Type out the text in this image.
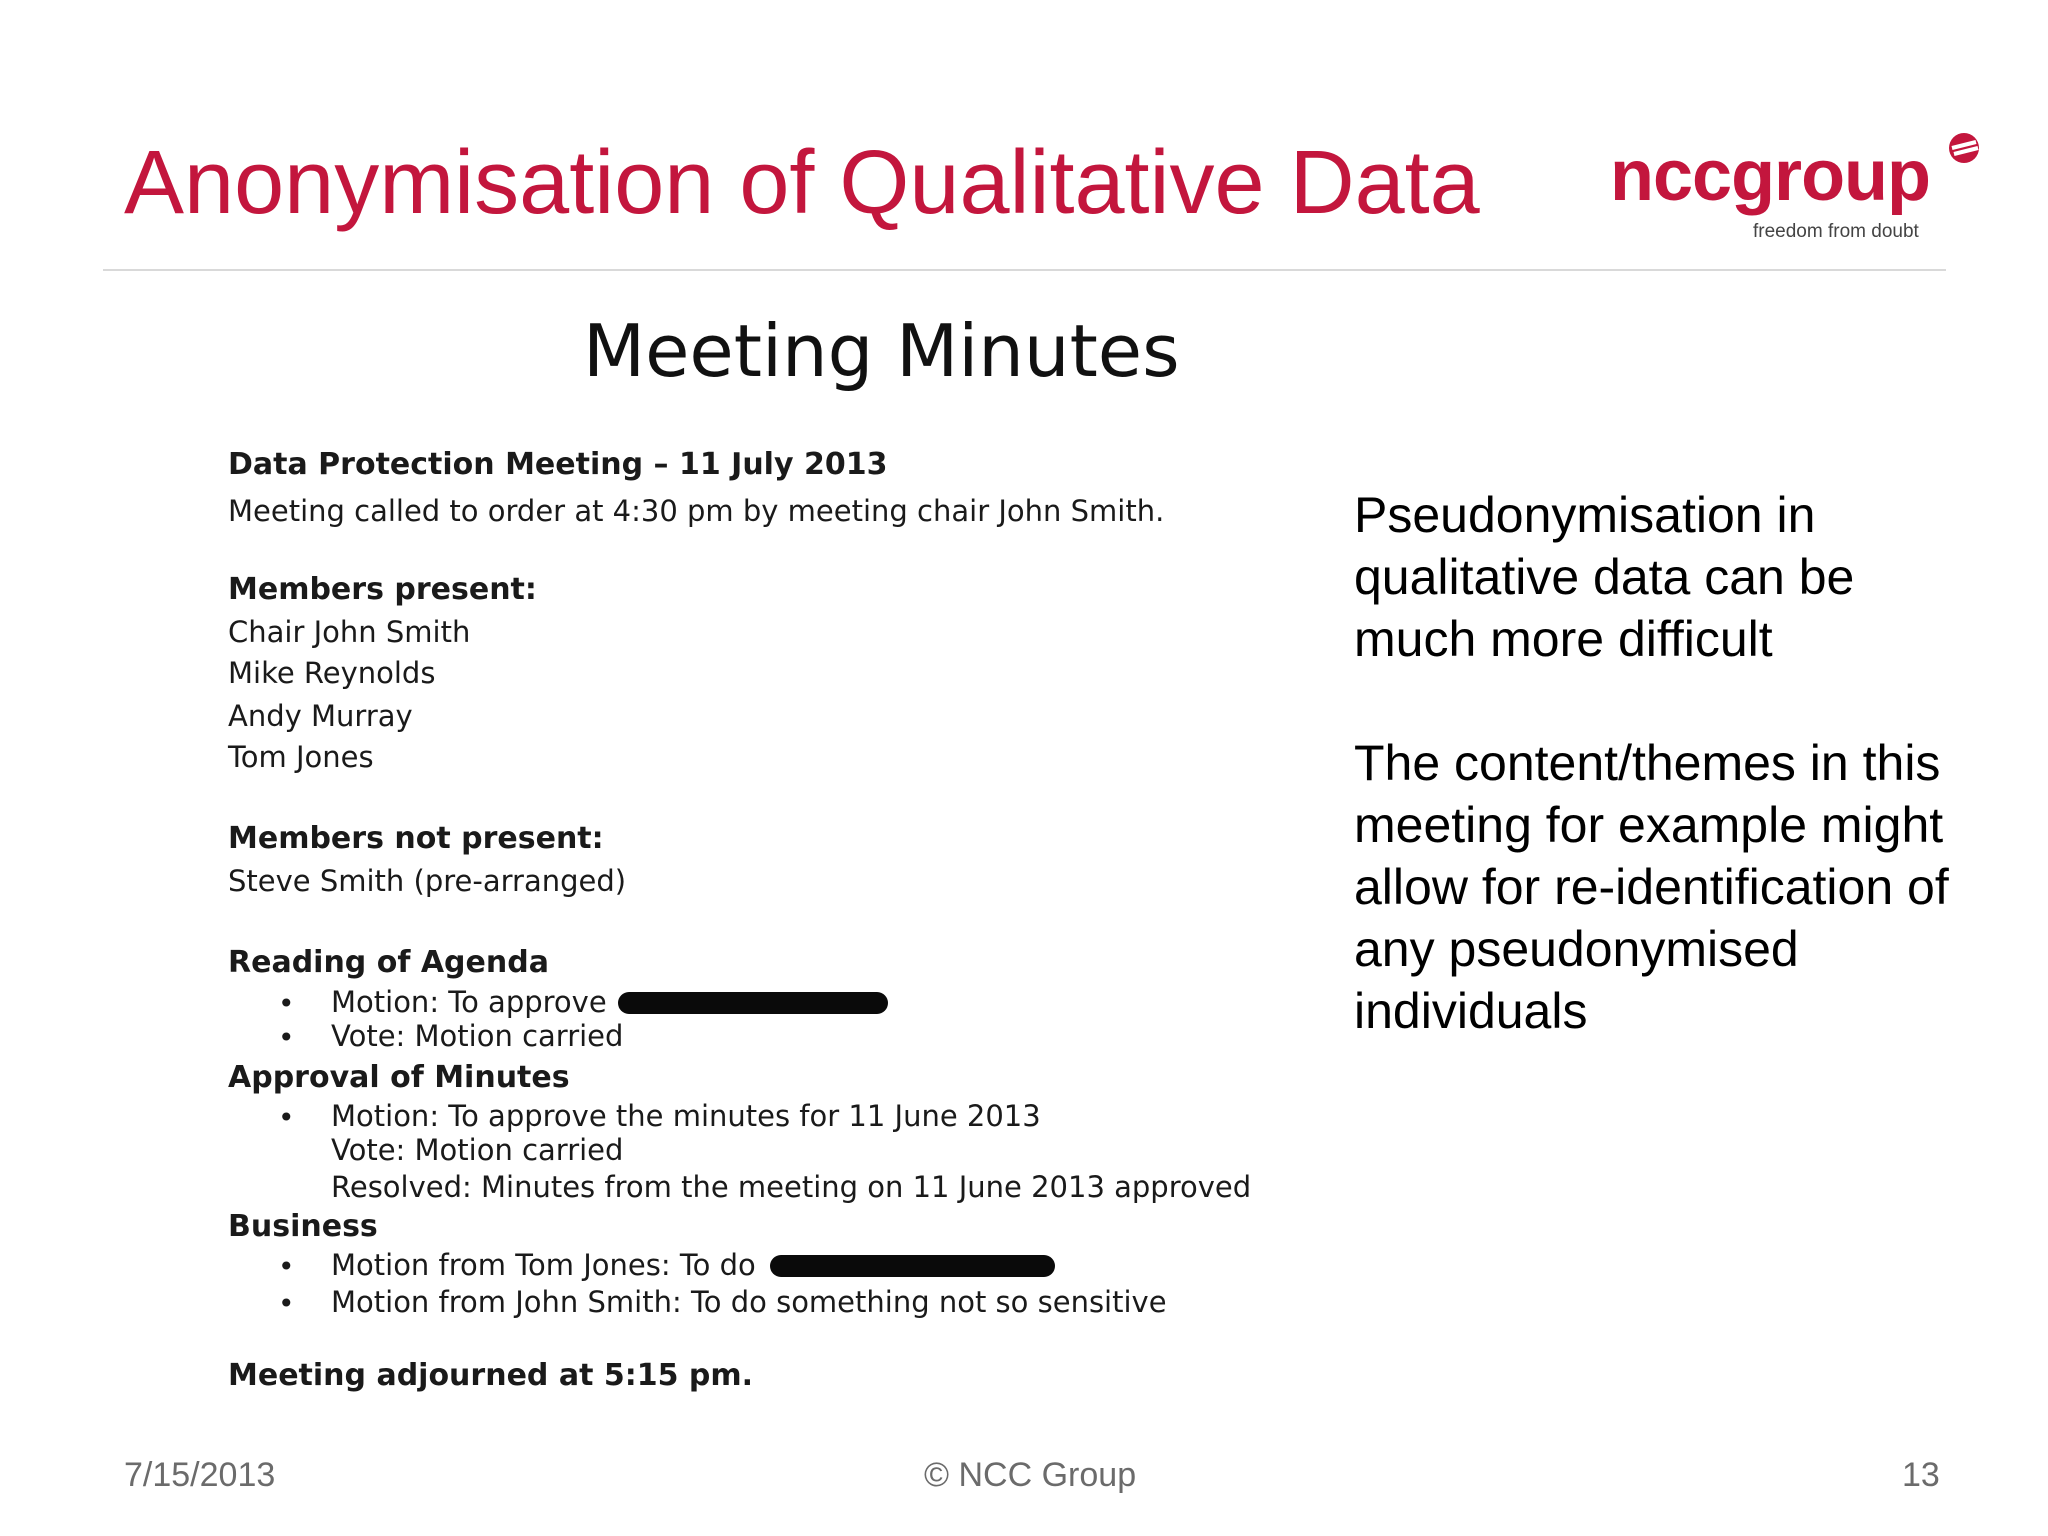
Anonymisation of Qualitative Data nccgroup
freedom from doubt
Meeting Minutes
Data Protection Meeting – 11 July 2013
Meeting called to order at 4:30 pm by meeting chair John Smith.
Members present:
Chair John Smith
Mike Reynolds
Andy Murray
Tom Jones
Members not present:
Steve Smith (pre-arranged)
Reading of Agenda
• Motion: To approve
• Vote: Motion carried
Approval of Minutes
• Motion: To approve the minutes for 11 June 2013
Vote: Motion carried
Resolved: Minutes from the meeting on 11 June 2013 approved
Business
• Motion from Tom Jones: To do
• Motion from John Smith: To do something not so sensitive
Meeting adjourned at 5:15 pm.

Pseudonymisation in qualitative data can be much more difficult

The content/themes in this meeting for example might allow for re-identification of any pseudonymised individuals

7/15/2013	© NCC Group	13
